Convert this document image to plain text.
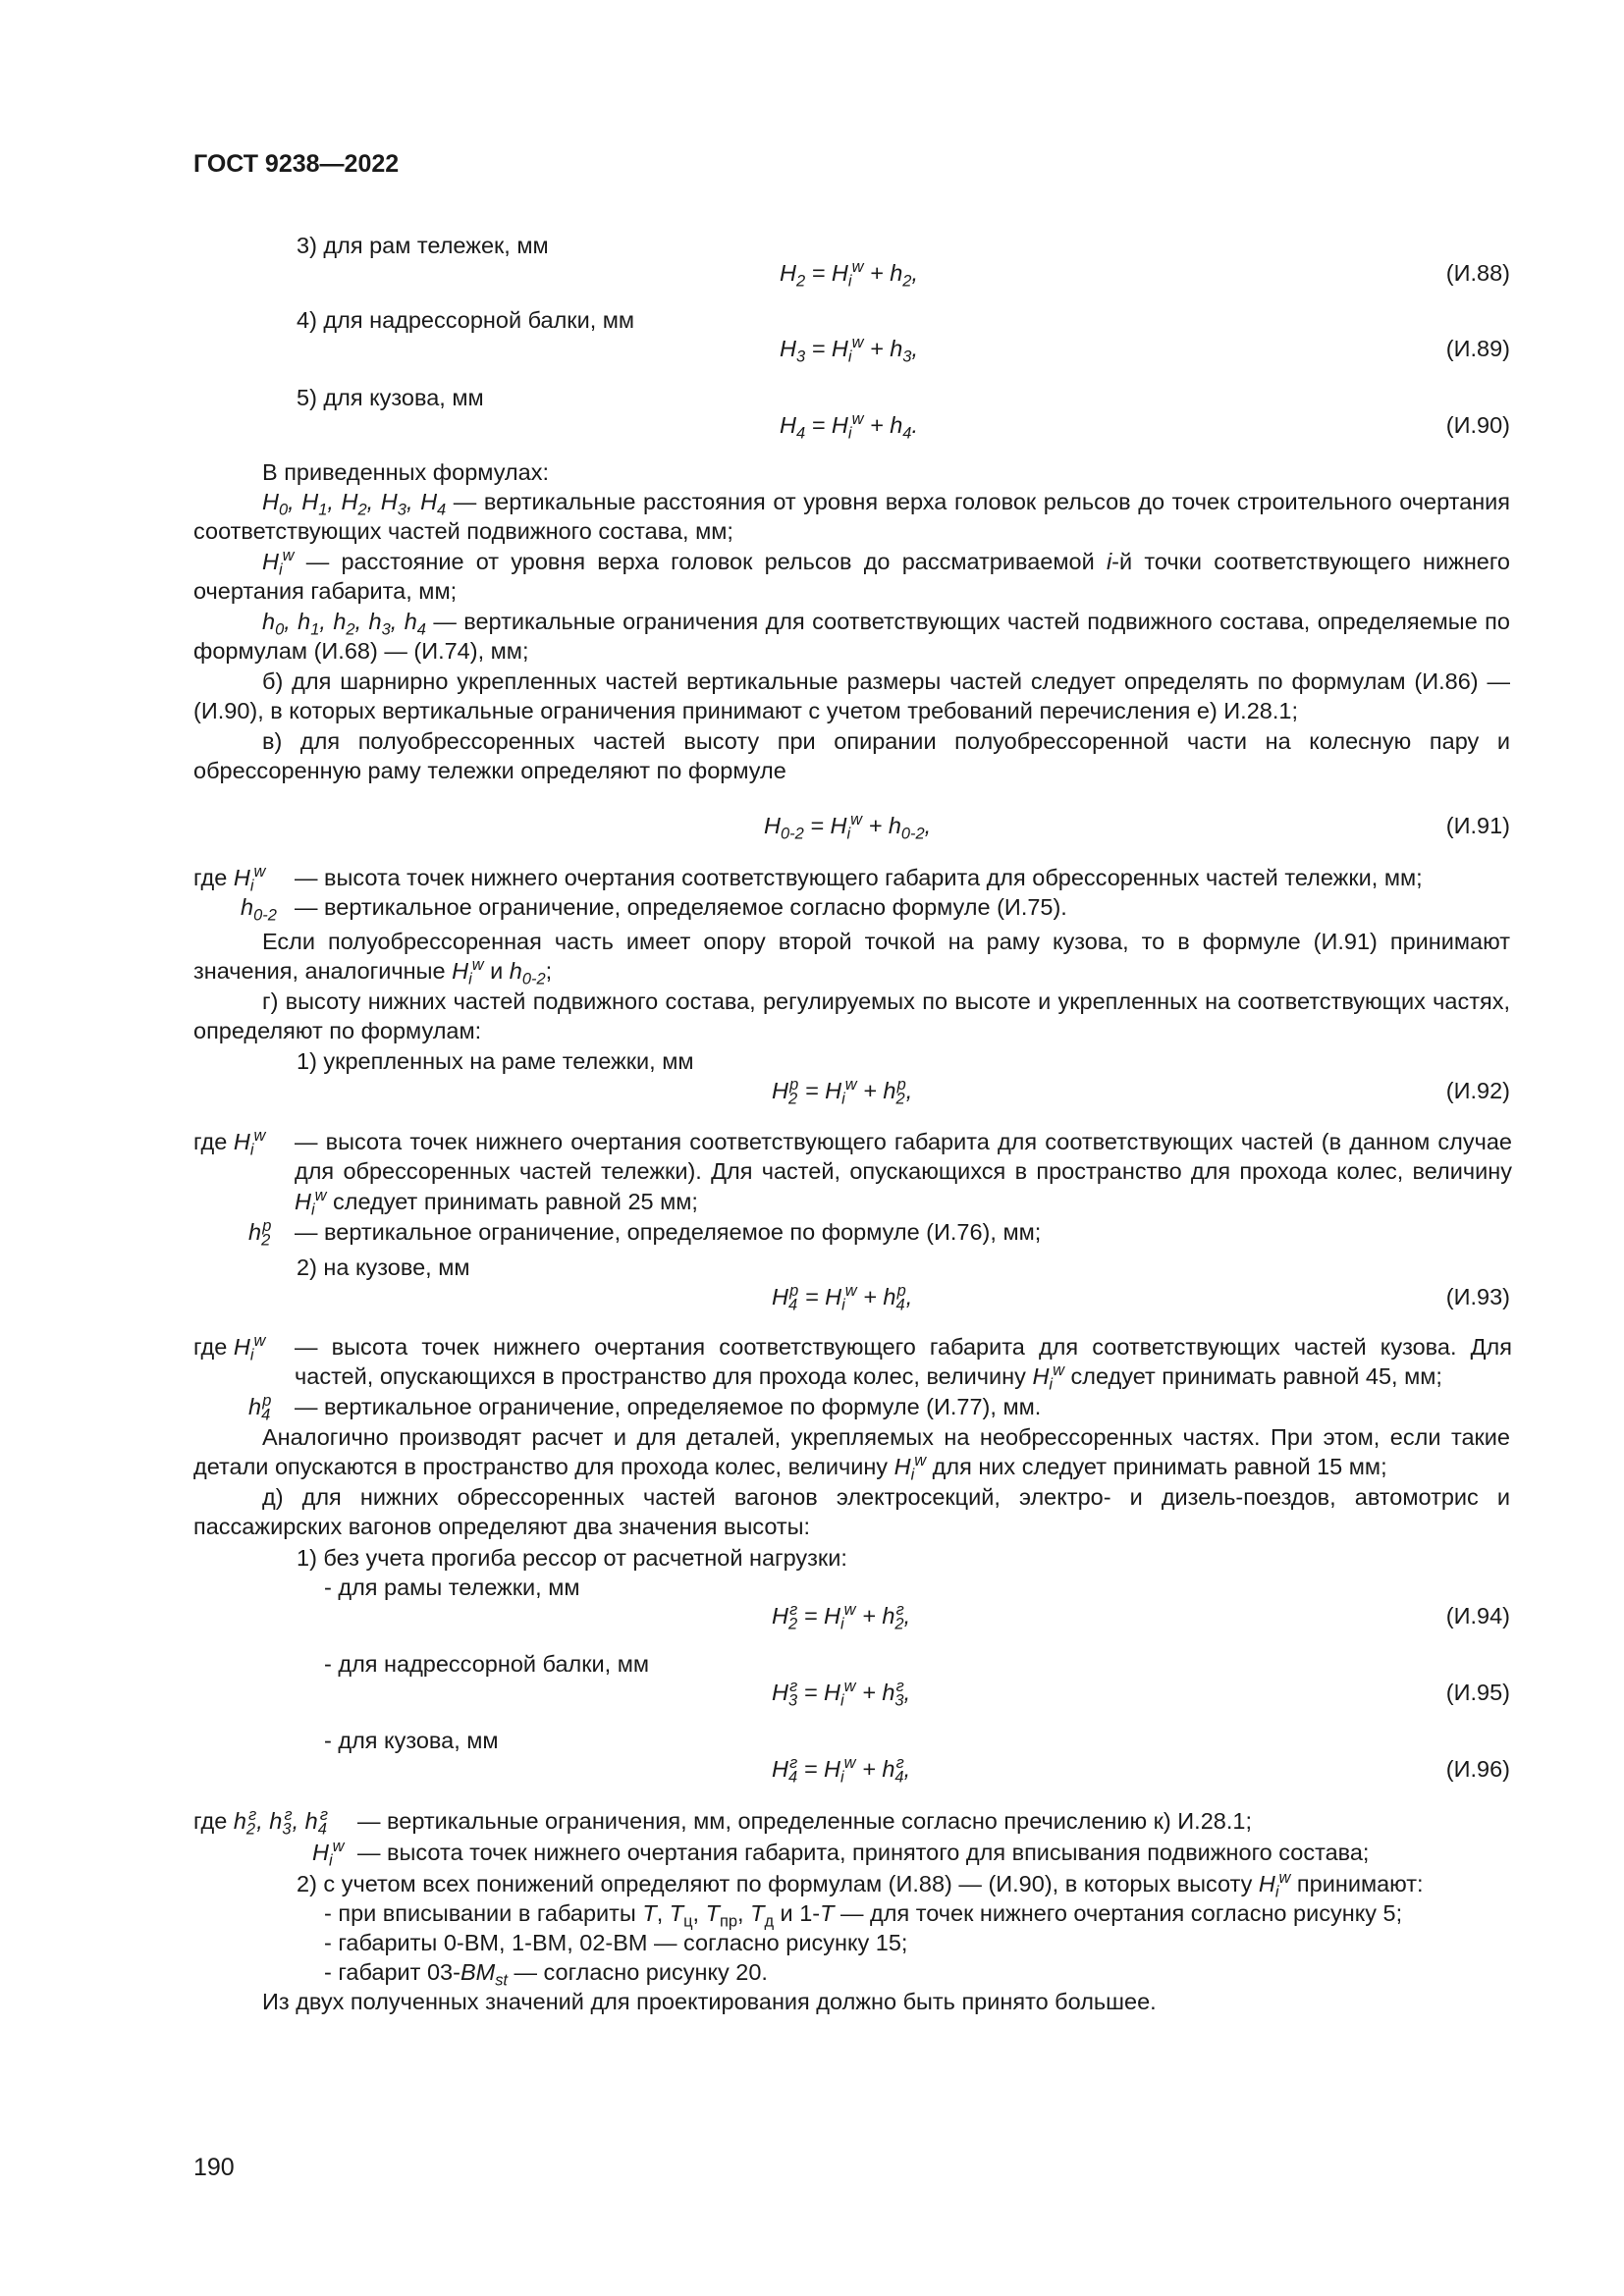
ГОСТ 9238—2022
3) для рам тележек, мм
$H_2 = H_i^w + h_2$,	(И.88)
4) для надрессорной балки, мм
$H_3 = H_i^w + h_3$,	(И.89)
5) для кузова, мм
$H_4 = H_i^w + h_4$.	(И.90)
В приведенных формулах:
$H_0$, $H_1$, $H_2$, $H_3$, $H_4$ — вертикальные расстояния от уровня верха головок рельсов до точек строительного очертания соответствующих частей подвижного состава, мм;
$H_i^w$ — расстояние от уровня верха головок рельсов до рассматриваемой i-й точки соответствующего нижнего очертания габарита, мм;
$h_0$, $h_1$, $h_2$, $h_3$, $h_4$ — вертикальные ограничения для соответствующих частей подвижного состава, определяемые по формулам (И.68) — (И.74), мм;
б) для шарнирно укрепленных частей вертикальные размеры частей следует определять по формулам (И.86) — (И.90), в которых вертикальные ограничения принимают с учетом требований перечисления е) И.28.1;
в) для полуобрессоренных частей высоту при опирании полуобрессоренной части на колесную пару и обрессоренную раму тележки определяют по формуле
$H_{0-2} = H_i^w + h_{0-2}$,	(И.91)
где $H_i^w$ — высота точек нижнего очертания соответствующего габарита для обрессоренных частей тележки, мм;
$h_{0-2}$ — вертикальное ограничение, определяемое согласно формуле (И.75).
Если полуобрессоренная часть имеет опору второй точкой на раму кузова, то в формуле (И.91) принимают значения, аналогичные $H_i^w$ и $h_{0-2}$;
г) высоту нижних частей подвижного состава, регулируемых по высоте и укрепленных на соответствующих частях, определяют по формулам:
1) укрепленных на раме тележки, мм
$H_2^p = H_i^w + h_2^p$,	(И.92)
где $H_i^w$ — высота точек нижнего очертания соответствующего габарита для соответствующих частей (в данном случае для обрессоренных частей тележки). Для частей, опускающихся в пространство для прохода колес, величину $H_i^w$ следует принимать равной 25 мм;
$h_2^p$ — вертикальное ограничение, определяемое по формуле (И.76), мм;
2) на кузове, мм
$H_4^p = H_i^w + h_4^p$,	(И.93)
где $H_i^w$ — высота точек нижнего очертания соответствующего габарита для соответствующих частей кузова. Для частей, опускающихся в пространство для прохода колес, величину $H_i^w$ следует принимать равной 45, мм;
$h_4^p$ — вертикальное ограничение, определяемое по формуле (И.77), мм.
Аналогично производят расчет и для деталей, укрепляемых на необрессоренных частях. При этом, если такие детали опускаются в пространство для прохода колес, величину $H_i^w$ для них следует принимать равной 15 мм;
д) для нижних обрессоренных частей вагонов электросекций, электро- и дизель-поездов, автомотрис и пассажирских вагонов определяют два значения высоты:
1) без учета прогиба рессор от расчетной нагрузки:
- для рамы тележки, мм
$H_2^г = H_i^w + h_2^г$,	(И.94)
- для надрессорной балки, мм
$H_3^г = H_i^w + h_3^г$,	(И.95)
- для кузова, мм
$H_4^г = H_i^w + h_4^г$,	(И.96)
где $h_2^г$, $h_3^г$, $h_4^г$ — вертикальные ограничения, мм, определенные согласно пречислению к) И.28.1;
$H_i^w$ — высота точек нижнего очертания габарита, принятого для вписывания подвижного состава;
2) с учетом всех понижений определяют по формулам (И.88) — (И.90), в которых высоту $H_i^w$ принимают:
- при вписывании в габариты T, $T_ц$, $T_{пр}$, $T_д$ и 1-T — для точек нижнего очертания согласно рисунку 5;
- габариты 0-ВМ, 1-ВМ, 02-ВМ — согласно рисунку 15;
- габарит $03-BM_{st}$ — согласно рисунку 20.
Из двух полученных значений для проектирования должно быть принято большее.
190
